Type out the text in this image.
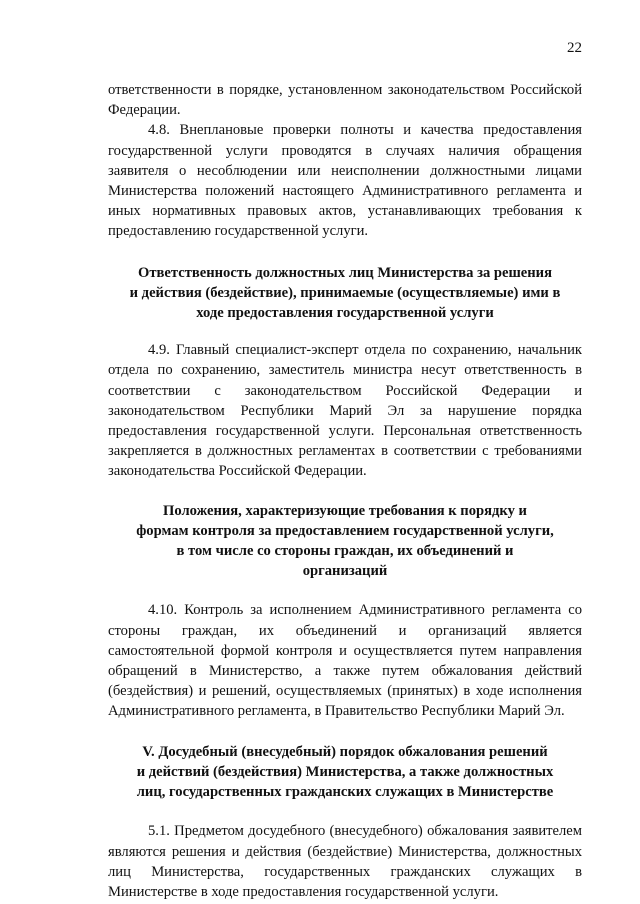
22

ответственности в порядке, установленном законодательством Российской Федерации.

4.8. Внеплановые проверки полноты и качества предоставления государственной услуги проводятся в случаях наличия обращения заявителя о несоблюдении или неисполнении должностными лицами Министерства положений настоящего Административного регламента и иных нормативных правовых актов, устанавливающих требования к предоставлению государственной услуги.

Ответственность должностных лиц Министерства за решения
и действия (бездействие), принимаемые (осуществляемые) ими в
ходе предоставления государственной услуги

4.9. Главный специалист-эксперт отдела по сохранению, начальник отдела по сохранению, заместитель министра несут ответственность в соответствии с законодательством Российской Федерации и законодательством Республики Марий Эл за нарушение порядка предоставления государственной услуги. Персональная ответственность закрепляется в должностных регламентах в соответствии с требованиями законодательства Российской Федерации.

Положения, характеризующие требования к порядку и
формам контроля за предоставлением государственной услуги,
в том числе со стороны граждан, их объединений и
организаций

4.10. Контроль за исполнением Административного регламента со стороны граждан, их объединений и организаций является самостоятельной формой контроля и осуществляется путем направления обращений в Министерство, а также путем обжалования действий (бездействия) и решений, осуществляемых (принятых) в ходе исполнения Административного регламента, в Правительство Республики Марий Эл.

V. Досудебный (внесудебный) порядок обжалования решений
и действий (бездействия) Министерства, а также должностных
лиц, государственных гражданских служащих в Министерстве

5.1. Предметом досудебного (внесудебного) обжалования заявителем являются решения и действия (бездействие) Министерства, должностных лиц Министерства, государственных гражданских служащих в Министерстве в ходе предоставления государственной услуги.
